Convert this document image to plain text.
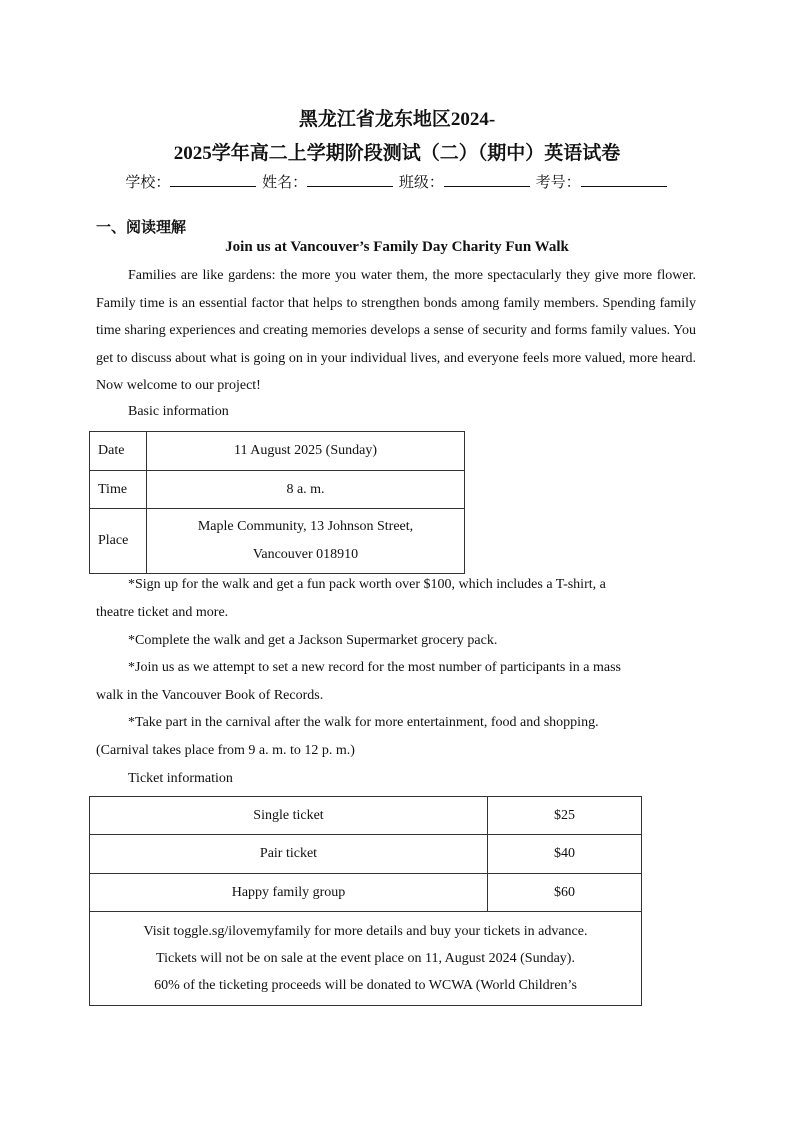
黑龙江省龙东地区2024-
2025学年高二上学期阶段测试（二）（期中）英语试卷
学校：	姓名：	班级：	考号：
一、阅读理解
Join us at Vancouver’s Family Day Charity Fun Walk
Families are like gardens: the more you water them, the more spectacularly they give more flower. Family time is an essential factor that helps to strengthen bonds among family members. Spending family time sharing experiences and creating memories develops a sense of security and forms family values. You get to discuss about what is going on in your individual lives, and everyone feels more valued, more heard. Now welcome to our project!
Basic information
Date	11 August 2025 (Sunday)
Time	8 a. m.
Place	Maple Community, 13 Johnson Street,
Vancouver 018910
*Sign up for the walk and get a fun pack worth over $100, which includes a T-shirt, a
theatre ticket and more.
*Complete the walk and get a Jackson Supermarket grocery pack.
*Join us as we attempt to set a new record for the most number of participants in a mass
walk in the Vancouver Book of Records.
*Take part in the carnival after the walk for more entertainment, food and shopping.
(Carnival takes place from 9 a. m. to 12 p. m.)
Ticket information
Single ticket	$25
Pair ticket	$40
Happy family group	$60

Visit toggle.sg/ilovemyfamily for more details and buy your tickets in advance.
Tickets will not be on sale at the event place on 11, August 2024 (Sunday).
60% of the ticketing proceeds will be donated to WCWA (World Children’s	
